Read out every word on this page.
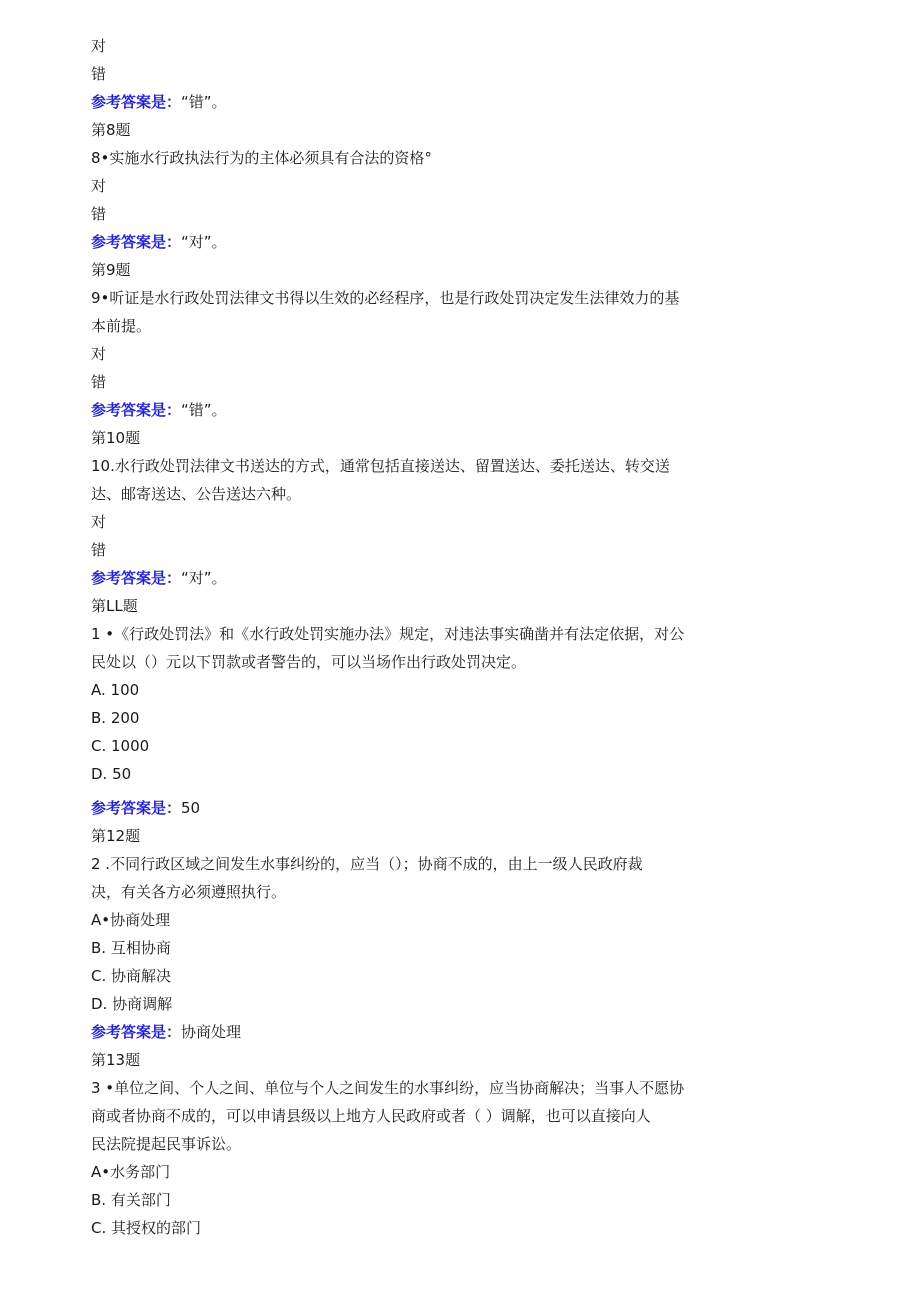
对
错
参考答案是：“错”。
第8题
8•实施水行政执法行为的主体必须具有合法的资格°
对
错
参考答案是：“对”。
第9题
9•听证是水行政处罚法律文书得以生效的必经程序，也是行政处罚决定发生法律效力的基
本前提。
对
错
参考答案是：“错”。
第10题
10.水行政处罚法律文书送达的方式，通常包括直接送达、留置送达、委托送达、转交送
达、邮寄送达、公告送达六种。
对
错
参考答案是：“对”。
第LL题
1 •《行政处罚法》和《水行政处罚实施办法》规定，对违法事实确凿并有法定依据，对公
民处以（）元以下罚款或者警告的，可以当场作出行政处罚决定。
A. 100
B. 200
C. 1000
D. 50
参考答案是：50
第12题
2 .不同行政区域之间发生水事纠纷的，应当（）；协商不成的，由上一级人民政府裁
决，有关各方必须遵照执行。
A•协商处理
B. 互相协商
C. 协商解决
D. 协商调解
参考答案是：协商处理
第13题
3 •单位之间、个人之间、单位与个人之间发生的水事纠纷，应当协商解决；当事人不愿协
商或者协商不成的，可以申请县级以上地方人民政府或者（ ）调解，也可以直接向人
民法院提起民事诉讼。
A•水务部门
B. 有关部门
C. 其授权的部门
